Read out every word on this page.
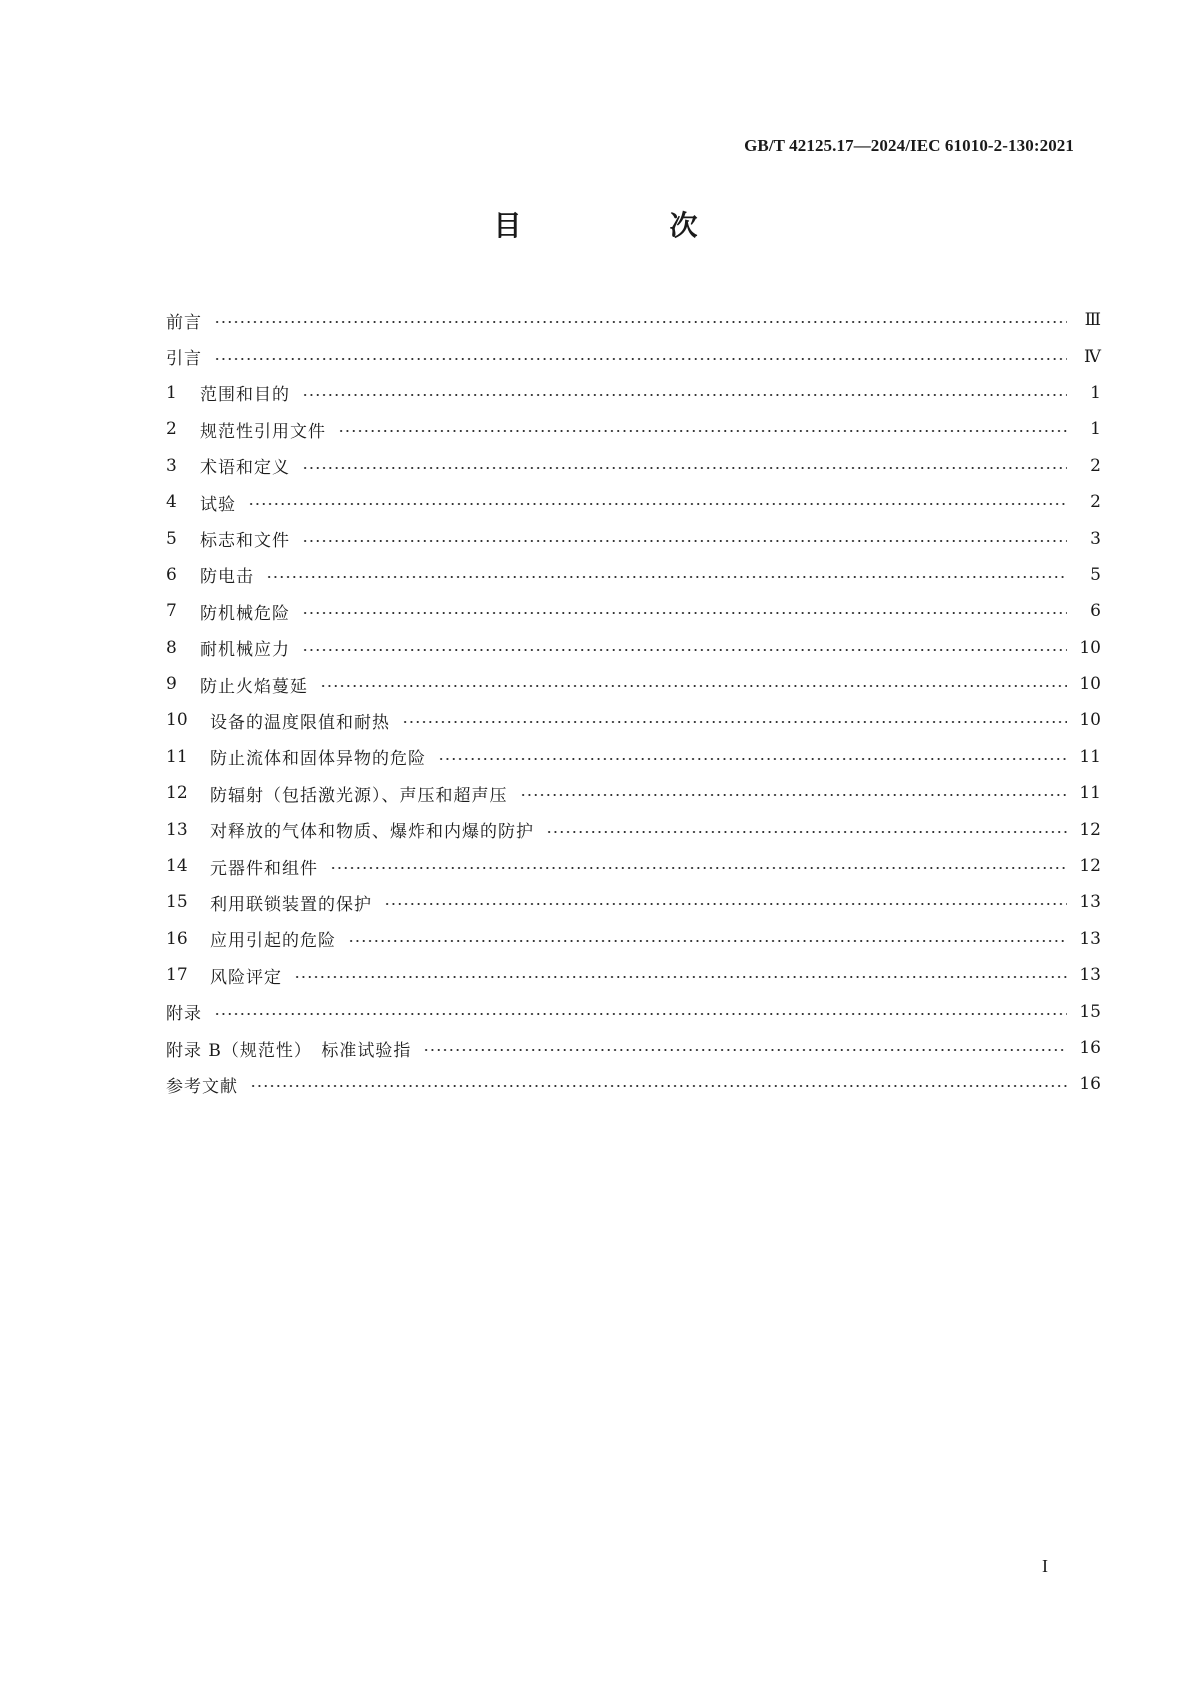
GB/T 42125.17—2024/IEC 61010-2-130:2021
目　次
前言	Ⅲ
引言	Ⅳ
1	范围和目的	1
2	规范性引用文件	1
3	术语和定义	2
4	试验	2
5	标志和文件	3
6	防电击	5
7	防机械危险	6
8	耐机械应力	10
9	防止火焰蔓延	10
10	设备的温度限值和耐热	10
11	防止流体和固体异物的危险	11
12	防辐射（包括激光源）、声压和超声压	11
13	对释放的气体和物质、爆炸和内爆的防护	12
14	元器件和组件	12
15	利用联锁装置的保护	13
16	应用引起的危险	13
17	风险评定	13
附录	15
附录 B（规范性）　标准试验指	16
参考文献	16
I
